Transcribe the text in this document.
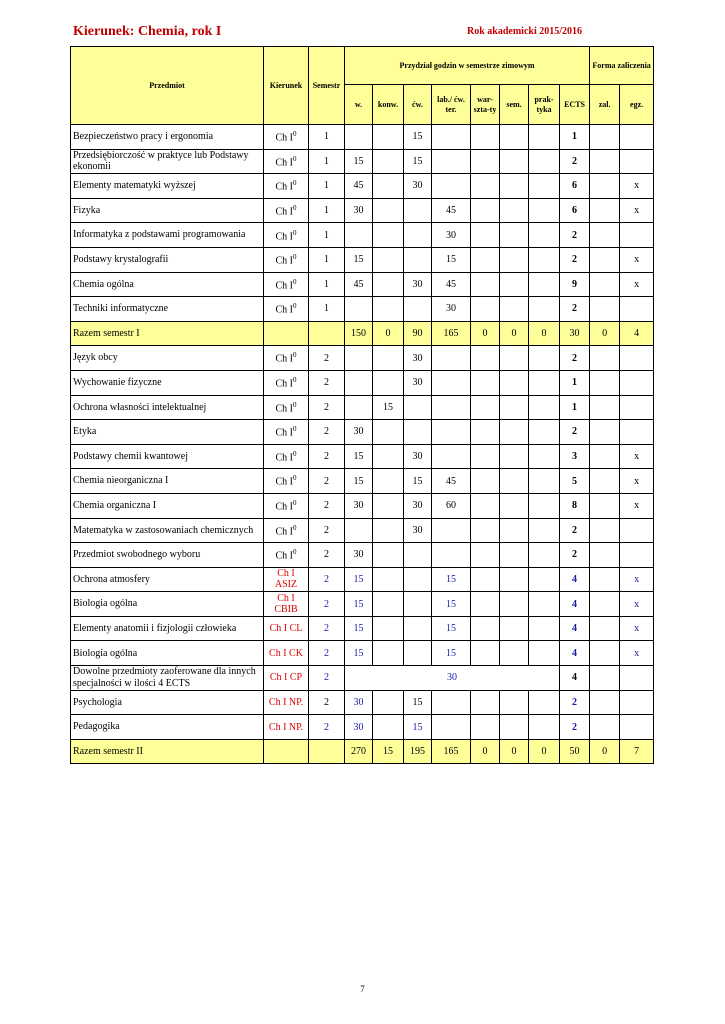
Kierunek: Chemia, rok I	Rok akademicki 2015/2016
Przedmiot	Kierunek	Semestr	Przydział godzin w semestrze zimowym								Forma zaliczenia	
			w.	konw.	ćw.	lab./ ćw. ter.	war-szta-ty	sem.	prak-tyka	ECTS	zal.	egz.
Bezpieczeństwo pracy i ergonomia	Ch $I^0$	1			15					1		
Przedsiębiorczość w praktyce lub Podstawy ekonomii	Ch $I^0$	1	15		15					2		
Elementy matematyki wyższej	Ch $I^0$	1	45		30					6		x
Fizyka	Ch $I^0$	1	30			45				6		x
Informatyka z podstawami programowania	Ch $I^0$	1				30				2		
Podstawy krystalografii	Ch $I^0$	1	15			15				2		x
Chemia ogólna	Ch $I^0$	1	45		30	45				9		x
Techniki informatyczne	Ch $I^0$	1				30				2		
Razem semestr I			150	0	90	165	0	0	0	30	0	4
Język obcy	Ch $I^0$	2			30					2		
Wychowanie fizyczne	Ch $I^0$	2			30					1		
Ochrona własności intelektualnej	Ch $I^0$	2		15						1		
Etyka	Ch $I^0$	2	30							2		
Podstawy chemii kwantowej	Ch $I^0$	2	15		30					3		x
Chemia nieorganiczna I	Ch $I^0$	2	15		15	45				5		x
Chemia organiczna I	Ch $I^0$	2	30		30	60				8		x
Matematyka w zastosowaniach chemicznych	Ch $I^0$	2			30					2		
Przedmiot swobodnego wyboru	Ch $I^0$	2	30							2		
Ochrona atmosfery	Ch I ASIZ	2	15			15				4		x
Biologia ogólna	Ch I CBIB	2	15			15				4		x
Elementy anatomii i fizjologii człowieka	Ch I CL	2	15			15				4		x
Biologia ogólna	Ch I CK	2	15			15				4		x
Dowolne przedmioty zaoferowane dla innych specjalności w ilości 4 ECTS	Ch I CP	2	30							4		
Psychologia	Ch I NP.	2	30		15					2		
Pedagogika	Ch I NP.	2	30		15					2		
Razem semestr II			270	15	195	165	0	0	0	50	0	7
7
